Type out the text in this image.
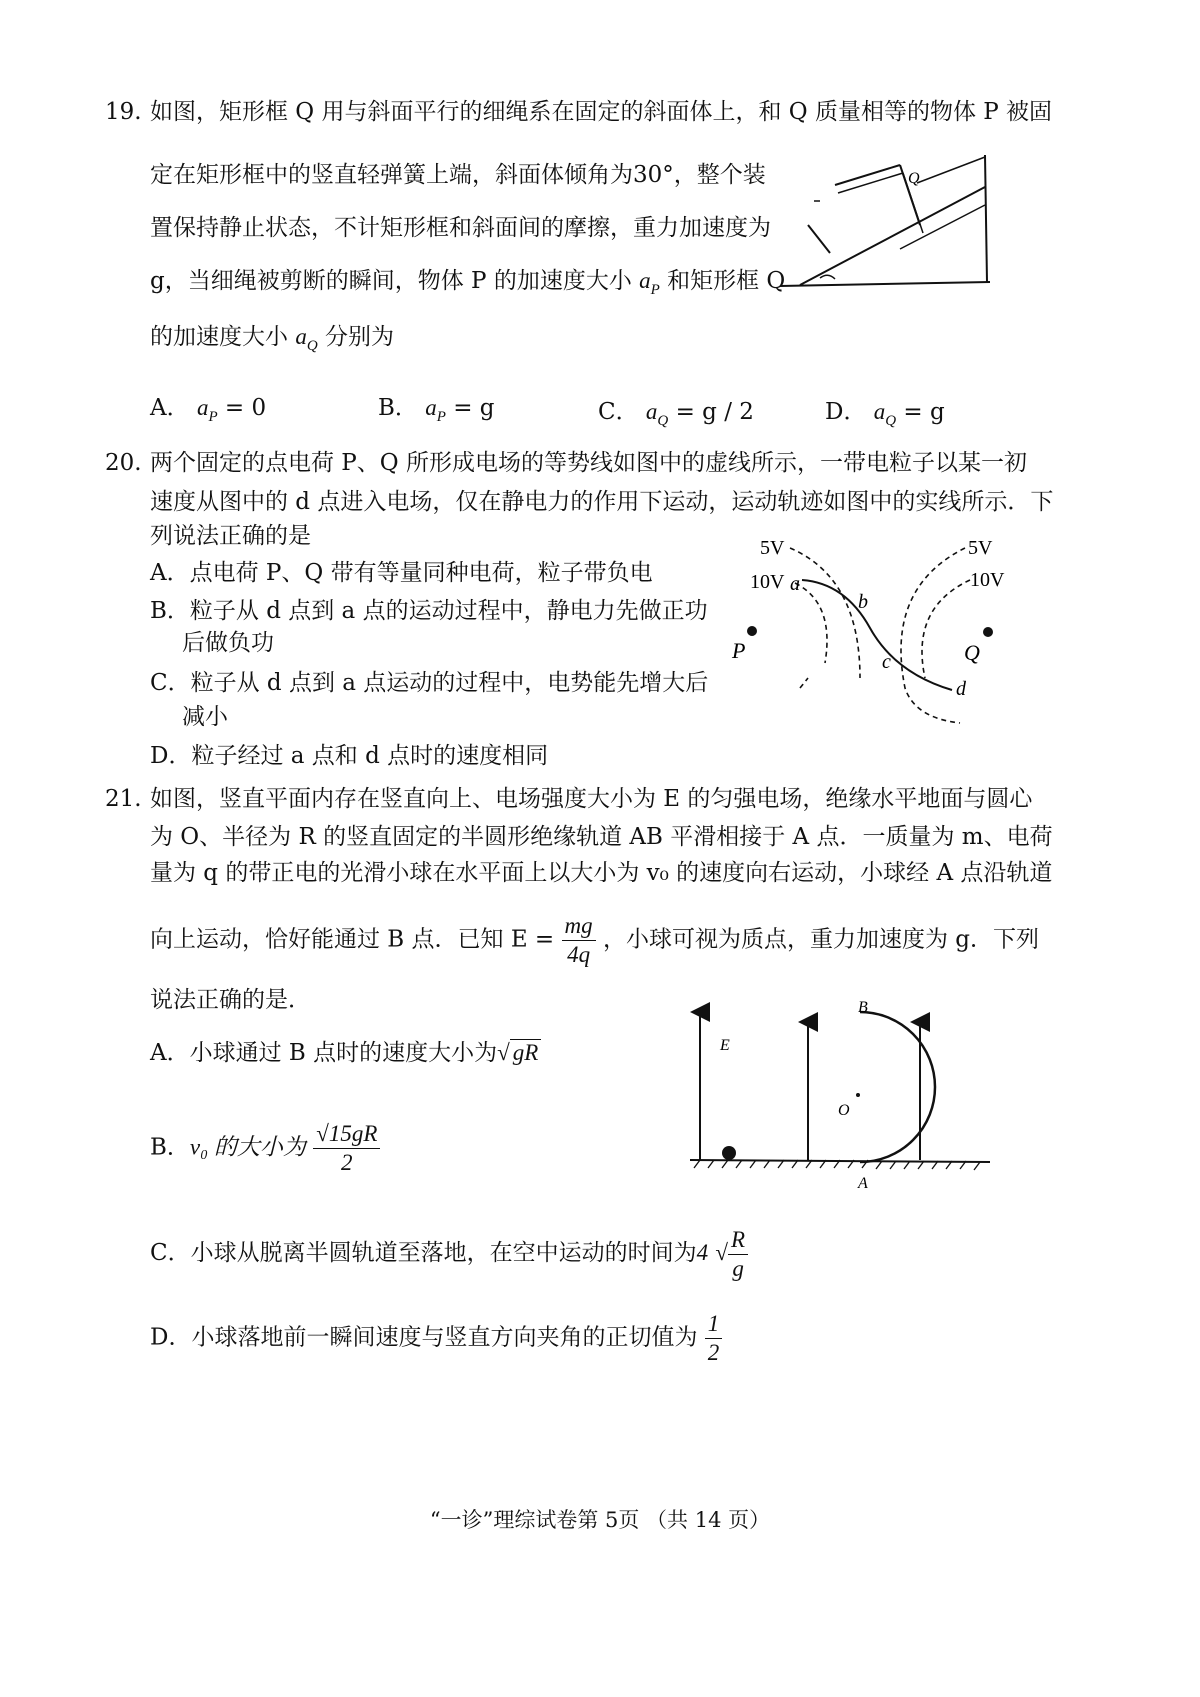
19. 如图，矩形框 Q 用与斜面平行的细绳系在固定的斜面体上，和 Q 质量相等的物体 P 被固
定在矩形框中的竖直轻弹簧上端，斜面体倾角为30°，整个装
置保持静止状态，不计矩形框和斜面间的摩擦，重力加速度为
g，当细绳被剪断的瞬间，物体 P 的加速度大小 $a_P$ 和矩形框 Q
的加速度大小 $a_Q$ 分别为
A． $a_P = 0$	B． $a_P = g$	C． $a_Q = g / 2$	D． $a_Q = g$
Q
20. 两个固定的点电荷 P、Q 所形成电场的等势线如图中的虚线所示，一带电粒子以某一初
速度从图中的 d 点进入电场，仅在静电力的作用下运动，运动轨迹如图中的实线所示．下
列说法正确的是
A．点电荷 P、Q 带有等量同种电荷，粒子带负电
B．粒子从 d 点到 a 点的运动过程中，静电力先做正功
后做负功
C．粒子从 d 点到 a 点运动的过程中，电势能先增大后
减小
D．粒子经过 a 点和 d 点时的速度相同
5V
10V
5V
10V
a
b
c
d
P	Q
21. 如图，竖直平面内存在竖直向上、电场强度大小为 E 的匀强电场，绝缘水平地面与圆心
为 O、半径为 R 的竖直固定的半圆形绝缘轨道 AB 平滑相接于 A 点．一质量为 m、电荷
量为 q 的带正电的光滑小球在水平面上以大小为 v₀ 的速度向右运动，小球经 A 点沿轨道
向上运动，恰好能通过 B 点．已知 $E = \frac{mg}{4q}$ ，小球可视为质点，重力加速度为 g．下列
说法正确的是．
A．小球通过 B 点时的速度大小为√ gR
B．v₀ 的大小为 $\frac{√15gR}{2}$
C．小球从脱离半圆轨道至落地，在空中运动的时间为4 √ $\frac{R}{g}$
D．小球落地前一瞬间速度与竖直方向夹角的正切值为 $\frac{1}{2}$
E
B
O
A
“一诊”理综试卷第 5页 （共 14 页）
